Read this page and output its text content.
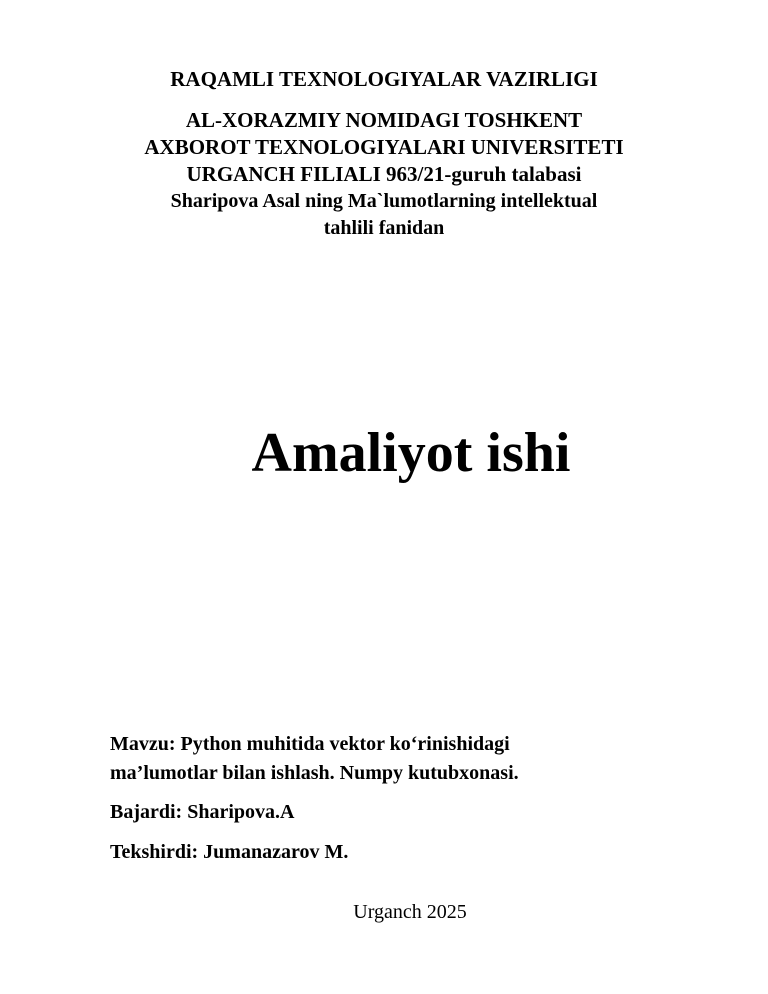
RAQAMLI TEXNOLOGIYALAR VAZIRLIGI
AL-XORAZMIY NOMIDAGI TOSHKENT
AXBOROT TEXNOLOGIYALARI UNIVERSITETI
URGANCH FILIALI 963/21-guruh talabasi
Sharipova Asal ning Ma`lumotlarning intellektual
tahlili fanidan
Amaliyot ishi
Mavzu: Python muhitida vektor ko‘rinishidagi
ma’lumotlar bilan ishlash. Numpy kutubxonasi.
Bajardi: Sharipova.A
Tekshirdi: Jumanazarov M.
Urganch 2025
